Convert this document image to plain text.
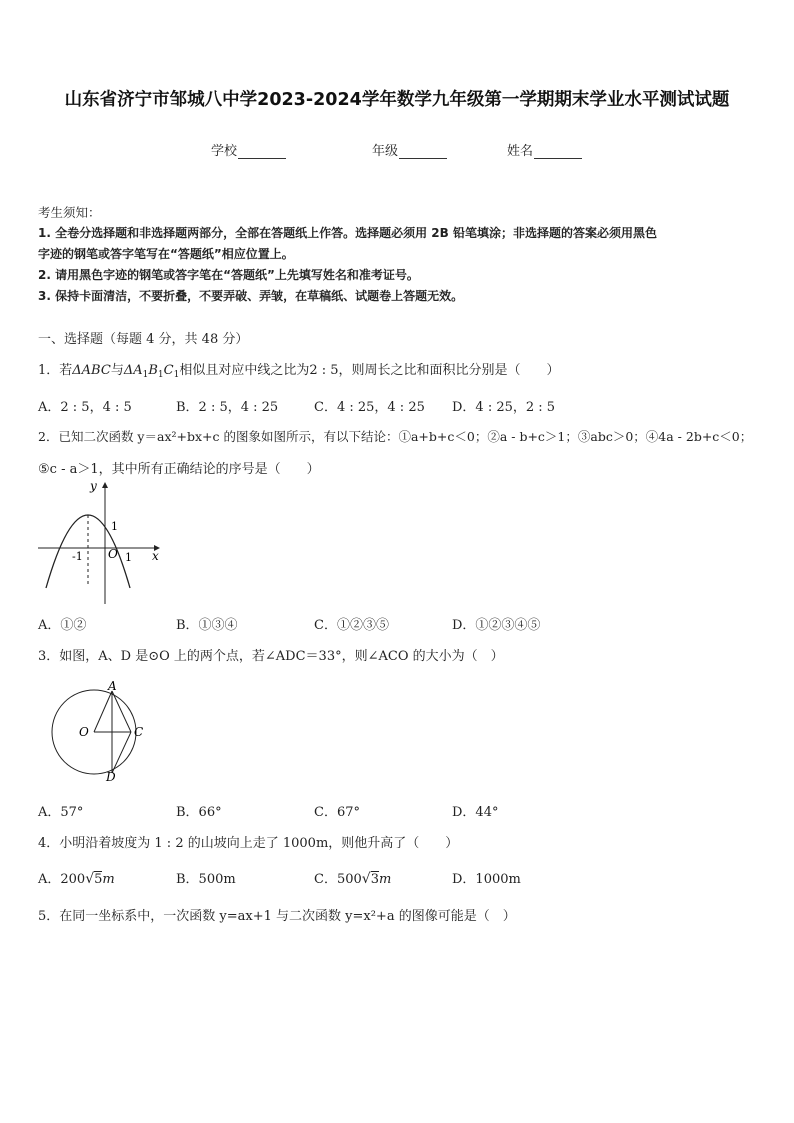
山东省济宁市邹城八中学2023-2024学年数学九年级第一学期期末学业水平测试试题
学校	年级	姓名
考生须知：
1. 全卷分选择题和非选择题两部分，全部在答题纸上作答。选择题必须用 2B 铅笔填涂；非选择题的答案必须用黑色
字迹的钢笔或答字笔写在“答题纸”相应位置上。
2. 请用黑色字迹的钢笔或答字笔在“答题纸”上先填写姓名和准考证号。
3. 保持卡面清洁，不要折叠，不要弄破、弄皱，在草稿纸、试题卷上答题无效。
一、选择题（每题 4 分，共 48 分）
1．若ΔABC与$\Delta A_1B_1C_1$相似且对应中线之比为2 : 5，则周长之比和面积比分别是（　　）
A．2 : 5，4 : 5	B．2 : 5，4 : 25	C．4 : 25，4 : 25 D．4 : 25，2 : 5
2．已知二次函数 y＝ax²+bx+c 的图象如图所示，有以下结论：①a+b+c＜0；②a - b+c＞1；③abc＞0；④4a - 2b+c＜0；
⑤c - a＞1，其中所有正确结论的序号是（　　）
y
x
O
1
-1	1
A．①②	B．①③④	C．①②③⑤	D．①②③④⑤
3．如图，A、D 是⊙O 上的两个点，若∠ADC＝33°，则∠ACO 的大小为（　）
A
O	C
D
A．57°	B．66°	C．67°	D．44°
4．小明沿着坡度为 1 : 2 的山坡向上走了 1000m，则他升高了（　　）
A．200√5m	B．500m	C．500√3m	D．1000m
5．在同一坐标系中，一次函数 y=ax+1 与二次函数 y=x²+a 的图像可能是（　）
